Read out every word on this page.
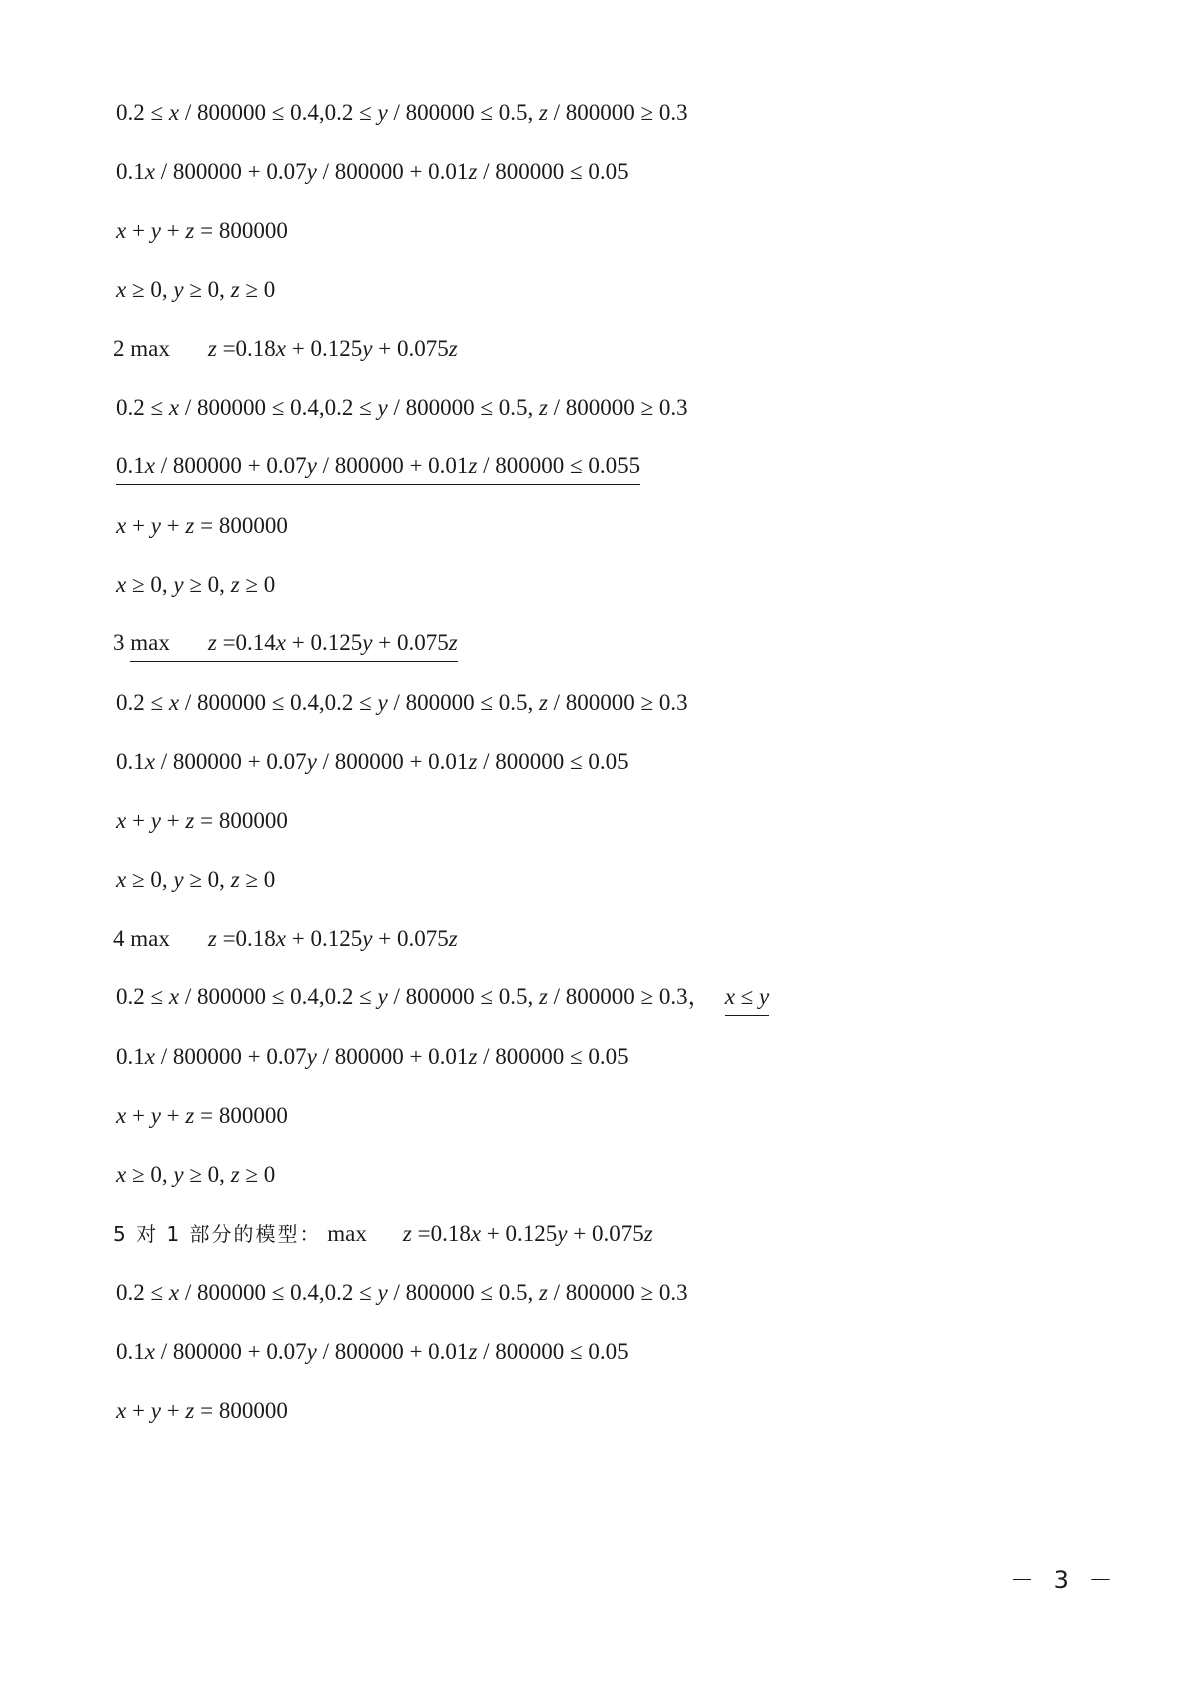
0.2 ≤ x / 800000 ≤ 0.4,0.2 ≤ y / 800000 ≤ 0.5, z / 800000 ≥ 0.3
0.1x / 800000 + 0.07y / 800000 + 0.01z / 800000 ≤ 0.05
x + y + z = 800000
x ≥ 0, y ≥ 0, z ≥ 0
2 max z =0.18x + 0.125y + 0.075z
0.2 ≤ x / 800000 ≤ 0.4,0.2 ≤ y / 800000 ≤ 0.5, z / 800000 ≥ 0.3
0.1x / 800000 + 0.07y / 800000 + 0.01z / 800000 ≤ 0.055
x + y + z = 800000
x ≥ 0, y ≥ 0, z ≥ 0
3 max z =0.14x + 0.125y + 0.075z
0.2 ≤ x / 800000 ≤ 0.4,0.2 ≤ y / 800000 ≤ 0.5, z / 800000 ≥ 0.3
0.1x / 800000 + 0.07y / 800000 + 0.01z / 800000 ≤ 0.05
x + y + z = 800000
x ≥ 0, y ≥ 0, z ≥ 0
4 max z =0.18x + 0.125y + 0.075z
0.2 ≤ x / 800000 ≤ 0.4,0.2 ≤ y / 800000 ≤ 0.5, z / 800000 ≥ 0.3， x ≤ y
0.1x / 800000 + 0.07y / 800000 + 0.01z / 800000 ≤ 0.05
x + y + z = 800000
x ≥ 0, y ≥ 0, z ≥ 0
5 对 1 部分的模型： max z =0.18x + 0.125y + 0.075z
0.2 ≤ x / 800000 ≤ 0.4,0.2 ≤ y / 800000 ≤ 0.5, z / 800000 ≥ 0.3
0.1x / 800000 + 0.07y / 800000 + 0.01z / 800000 ≤ 0.05
x + y + z = 800000
－ 3 －
